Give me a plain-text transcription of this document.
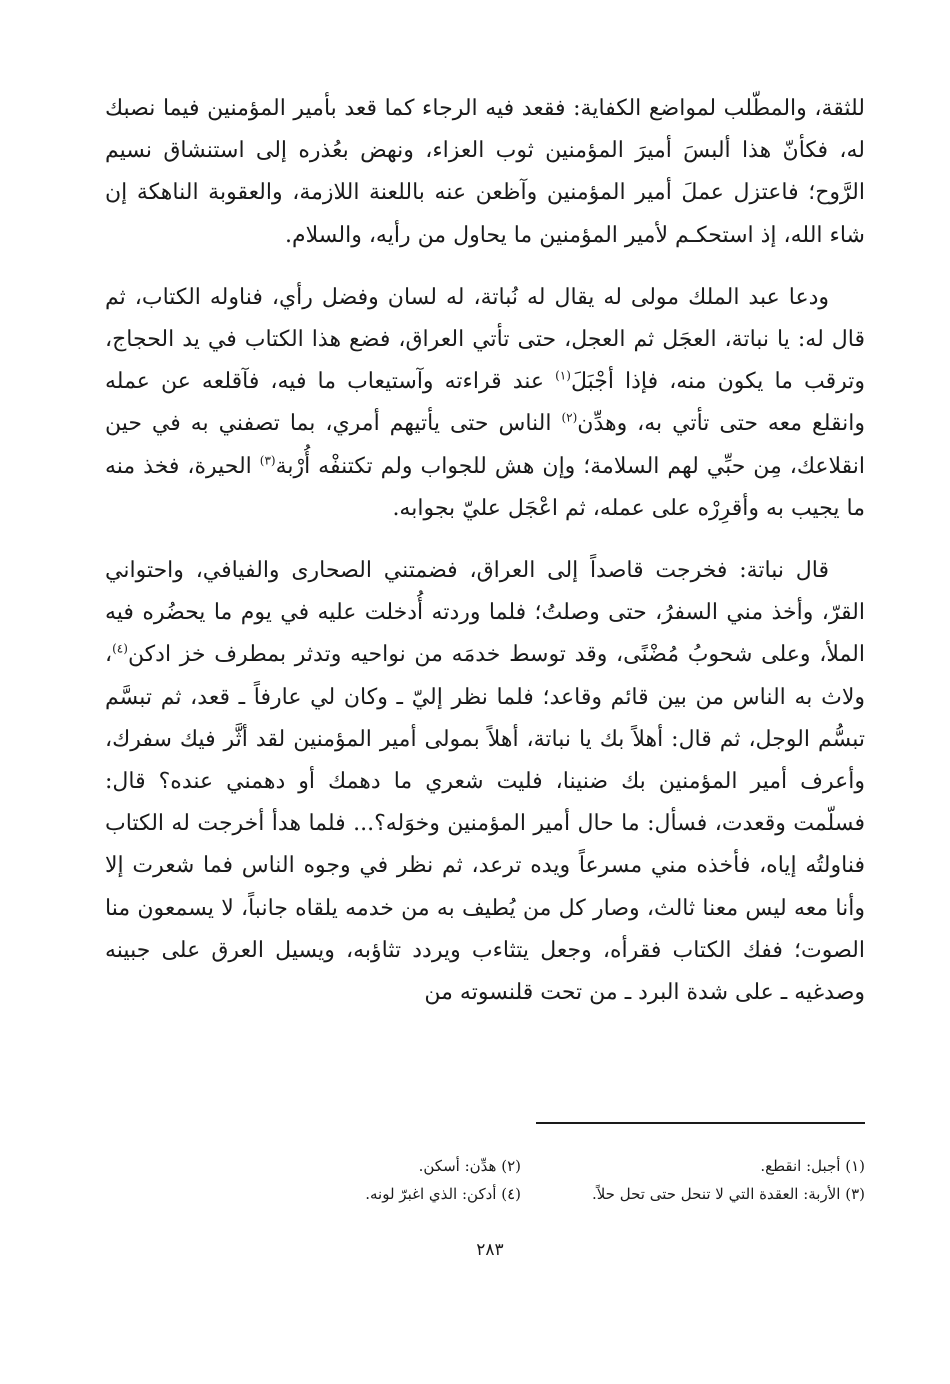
للثقة، والمطّلب لمواضع الكفاية: فقعد فيه الرجاء كما قعد بأمير المؤمنين فيما نصبك له، فكأنّ هذا ألبسَ أميرَ المؤمنين ثوب العزاء، ونهض بعُذره إلى استنشاق نسيم الرَّوح؛ فاعتزل عملَ أمير المؤمنين وآظعن عنه باللعنة اللازمة، والعقوبة الناهكة إن شاء الله، إذ استحكـم لأمير المؤمنين ما يحاول من رأيه، والسلام.

ودعا عبد الملك مولى له يقال له نُباتة، له لسان وفضل رأي، فناوله الكتاب، ثم قال له: يا نباتة، العجَل ثم العجل، حتى تأتي العراق، فضع هذا الكتاب في يد الحجاج، وترقب ما يكون منه، فإذا أجْبَلَ$^{(١)}$ عند قراءته وآستيعاب ما فيه، فآقلعه عن عمله وانقلع معه حتى تأتي به، وهدِّن$^{(٢)}$ الناس حتى يأتيهم أمري، بما تصفني به في حين انقلاعك، مِن حبِّي لهم السلامة؛ وإن هش للجواب ولم تكتنفْه أُرْبة$^{(٣)}$ الحيرة، فخذ منه ما يجيب به وأقرِرْه على عمله، ثم اعْجَل عليّ بجوابه.

قال نباتة: فخرجت قاصداً إلى العراق، فضمتني الصحارى والفيافي، واحتواني القرّ، وأخذ مني السفرُ، حتى وصلتُ؛ فلما وردته أُدخلت عليه في يوم ما يحضُره فيه الملأ، وعلى شحوبُ مُضْنًى، وقد توسط خدمَه من نواحيه وتدثر بمطرف خز ادكن$^{(٤)}$، ولاث به الناس من بين قائم وقاعد؛ فلما نظر إليّ ـ وكان لي عارفاً ـ قعد، ثم تبسَّم تبسُّم الوجل، ثم قال: أهلاً بك يا نباتة، أهلاً بمولى أمير المؤمنين لقد أثَّر فيك سفرك، وأعرف أمير المؤمنين بك ضنينا، فليت شعري ما دهمك أو دهمني عنده؟ قال: فسلّمت وقعدت، فسأل: ما حال أمير المؤمنين وخوَله؟... فلما هدأ أخرجت له الكتاب فناولتُه إياه، فأخذه مني مسرعاً ويده ترعد، ثم نظر في وجوه الناس فما شعرت إلا وأنا معه ليس معنا ثالث، وصار كل من يُطيف به من خدمه يلقاه جانباً، لا يسمعون منا الصوت؛ ففك الكتاب فقرأه، وجعل يتثاءب ويردد تثاؤبه، ويسيل العرق على جبينه وصدغيه ـ على شدة البرد ـ من تحت قلنسوته من

(١) أجبل: انقطع.
(٢) هدِّن: أسكن.
(٣) الأربة: العقدة التي لا تنحل حتى تحل حلاً.
(٤) أدكن: الذي اغبرّ لونه.
٢٨٣
